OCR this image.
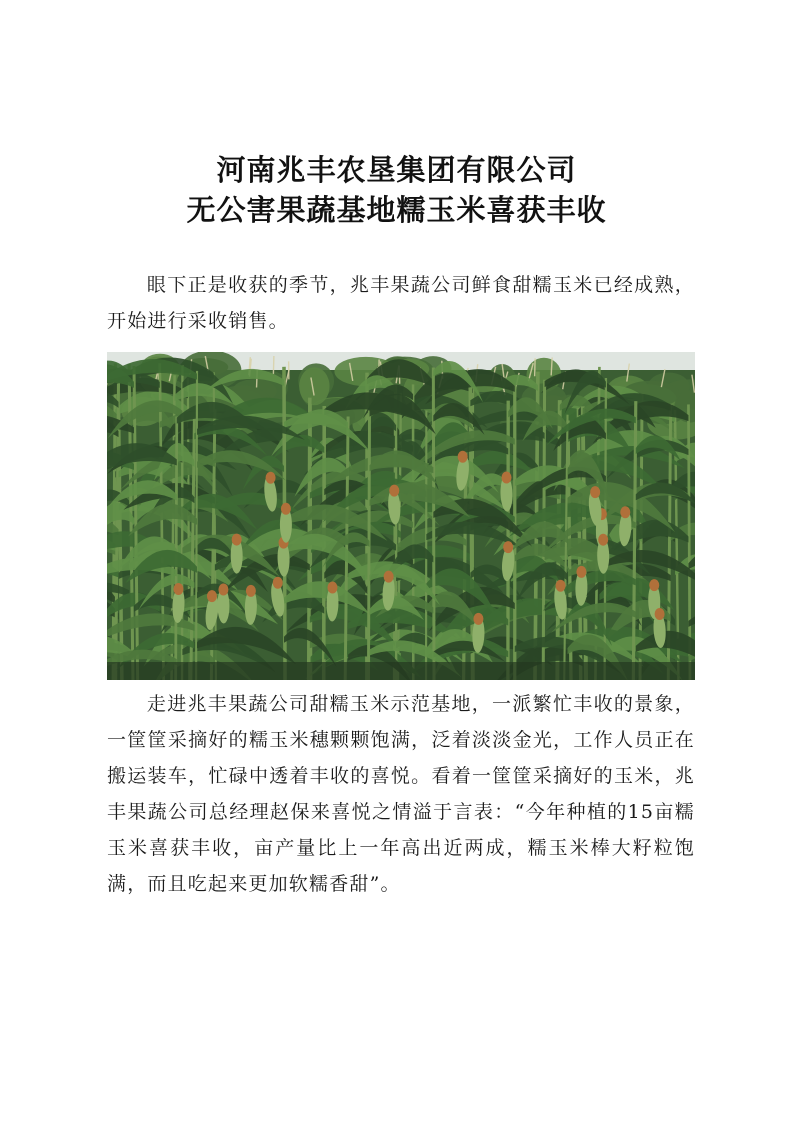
河南兆丰农垦集团有限公司
无公害果蔬基地糯玉米喜获丰收

眼下正是收获的季节，兆丰果蔬公司鲜食甜糯玉米已经成熟，开始进行采收销售。

走进兆丰果蔬公司甜糯玉米示范基地，一派繁忙丰收的景象，一筐筐采摘好的糯玉米穗颗颗饱满，泛着淡淡金光，工作人员正在搬运装车，忙碌中透着丰收的喜悦。看着一筐筐采摘好的玉米，兆丰果蔬公司总经理赵保来喜悦之情溢于言表：“今年种植的15亩糯玉米喜获丰收，亩产量比上一年高出近两成，糯玉米棒大籽粒饱满，而且吃起来更加软糯香甜”。
